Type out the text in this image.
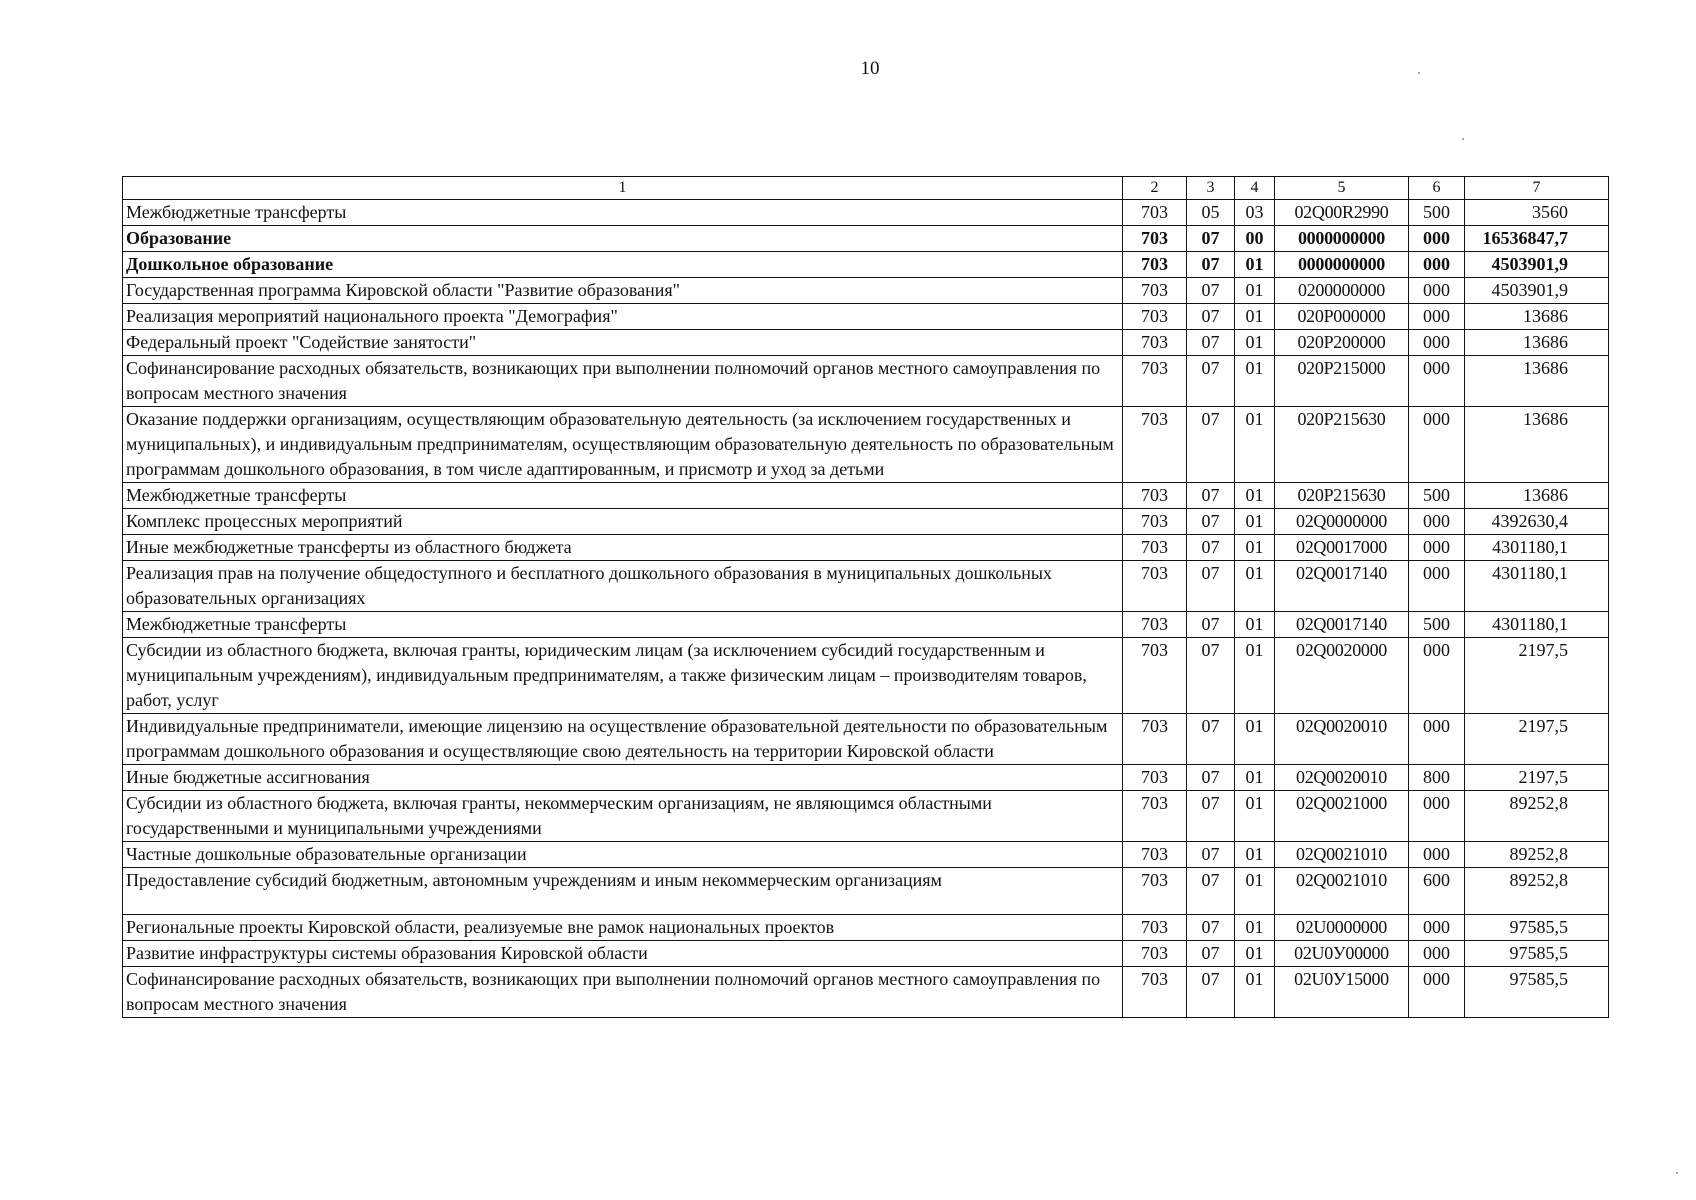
10
1	2	3	4	5	6	7
Межбюджетные трансферты	703	05	03	02Q00R2990	500	3560
Образование	703	07	00	0000000000	000	16536847,7
Дошкольное образование	703	07	01	0000000000	000	4503901,9
Государственная программа Кировской области "Развитие образования"	703	07	01	0200000000	000	4503901,9
Реализация мероприятий национального проекта "Демография"	703	07	01	020P000000	000	13686
Федеральный проект "Содействие занятости"	703	07	01	020P200000	000	13686
Софинансирование расходных обязательств, возникающих при выполнении полномочий органов местного самоуправления по вопросам местного значения	703	07	01	020P215000	000	13686
Оказание поддержки организациям, осуществляющим образовательную деятельность (за исключением государственных и муниципальных), и индивидуальным предпринимателям, осуществляющим образовательную деятельность по образовательным программам дошкольного образования, в том числе адаптированным, и присмотр и уход за детьми	703	07	01	020P215630	000	13686
Межбюджетные трансферты	703	07	01	020P215630	500	13686
Комплекс процессных мероприятий	703	07	01	02Q0000000	000	4392630,4
Иные межбюджетные трансферты из областного бюджета	703	07	01	02Q0017000	000	4301180,1
Реализация прав на получение общедоступного и бесплатного дошкольного образования в муниципальных дошкольных образовательных организациях	703	07	01	02Q0017140	000	4301180,1
Межбюджетные трансферты	703	07	01	02Q0017140	500	4301180,1
Субсидии из областного бюджета, включая гранты, юридическим лицам (за исключением субсидий государственным и муниципальным учреждениям), индивидуальным предпринимателям, а также физическим лицам – производителям товаров, работ, услуг	703	07	01	02Q0020000	000	2197,5
Индивидуальные предприниматели, имеющие лицензию на осуществление образовательной деятельности по образовательным программам дошкольного образования и осуществляющие свою деятельность на территории Кировской области	703	07	01	02Q0020010	000	2197,5
Иные бюджетные ассигнования	703	07	01	02Q0020010	800	2197,5
Субсидии из областного бюджета, включая гранты, некоммерческим организациям, не являющимся областными государственными и муниципальными учреждениями	703	07	01	02Q0021000	000	89252,8
Частные дошкольные образовательные организации	703	07	01	02Q0021010	000	89252,8
Предоставление субсидий бюджетным, автономным учреждениям и иным некоммерческим организациям	703	07	01	02Q0021010	600	89252,8
Региональные проекты Кировской области, реализуемые вне рамок национальных проектов	703	07	01	02U0000000	000	97585,5
Развитие инфраструктуры системы образования Кировской области	703	07	01	02U0У00000	000	97585,5
Софинансирование расходных обязательств, возникающих при выполнении полномочий органов местного самоуправления по вопросам местного значения	703	07	01	02U0У15000	000	97585,5
